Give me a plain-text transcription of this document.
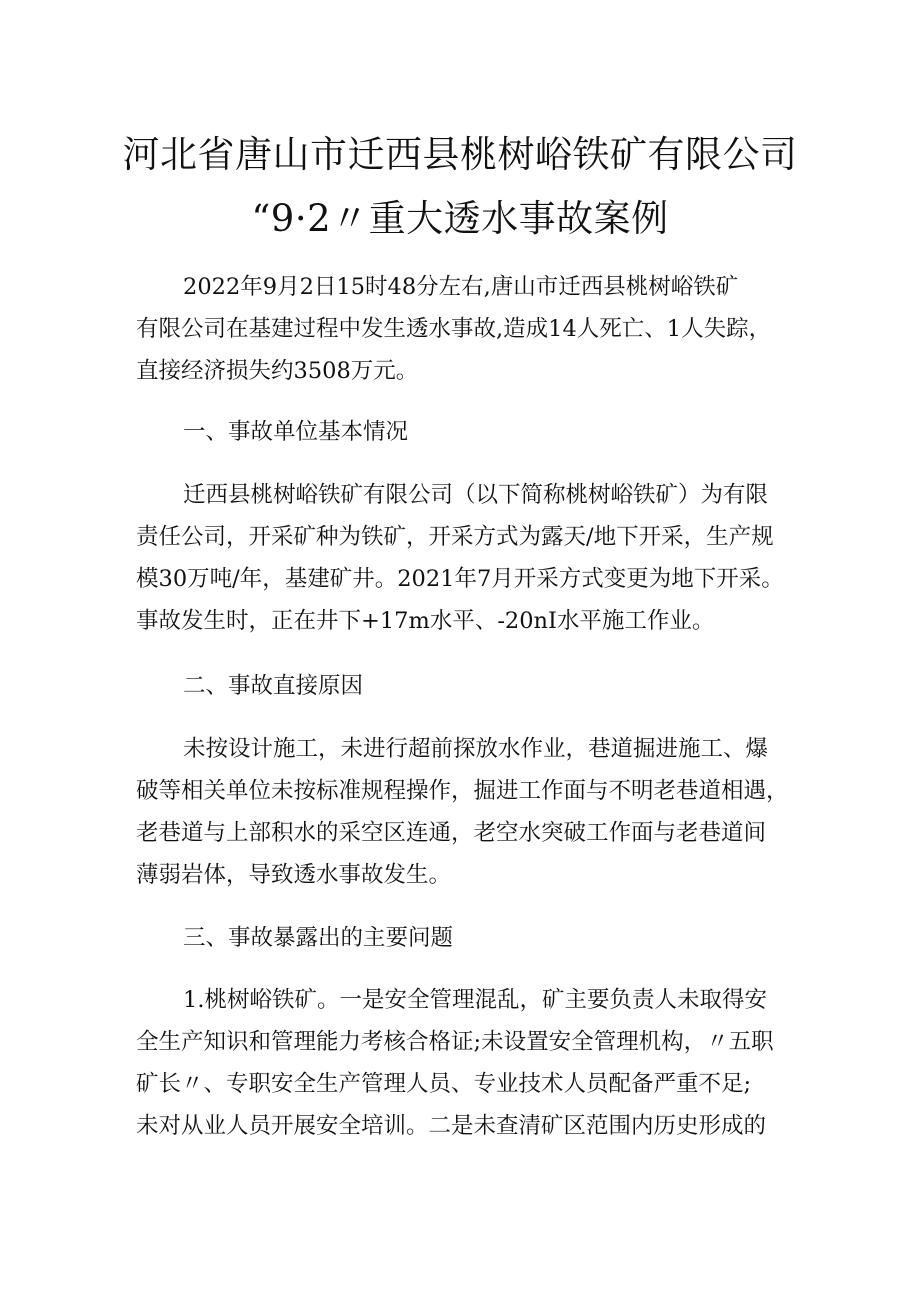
河北省唐山市迁西县桃树峪铁矿有限公司
“9·2〃重大透水事故案例

2022年9月2日15时48分左右,唐山市迁西县桃树峪铁矿
有限公司在基建过程中发生透水事故,造成14人死亡、1人失踪，
直接经济损失约3508万元。

一、事故单位基本情况

迁西县桃树峪铁矿有限公司（以下简称桃树峪铁矿）为有限
责任公司，开采矿种为铁矿，开采方式为露天/地下开采，生产规
模30万吨/年，基建矿井。2021年7月开采方式变更为地下开采。
事故发生时，正在井下+17m水平、-20nI水平施工作业。

二、事故直接原因

未按设计施工，未进行超前探放水作业，巷道掘进施工、爆
破等相关单位未按标准规程操作，掘进工作面与不明老巷道相遇，
老巷道与上部积水的采空区连通，老空水突破工作面与老巷道间
薄弱岩体，导致透水事故发生。

三、事故暴露出的主要问题

1.桃树峪铁矿。一是安全管理混乱，矿主要负责人未取得安
全生产知识和管理能力考核合格证;未设置安全管理机构，〃五职
矿长〃、专职安全生产管理人员、专业技术人员配备严重不足;
未对从业人员开展安全培训。二是未查清矿区范围内历史形成的
